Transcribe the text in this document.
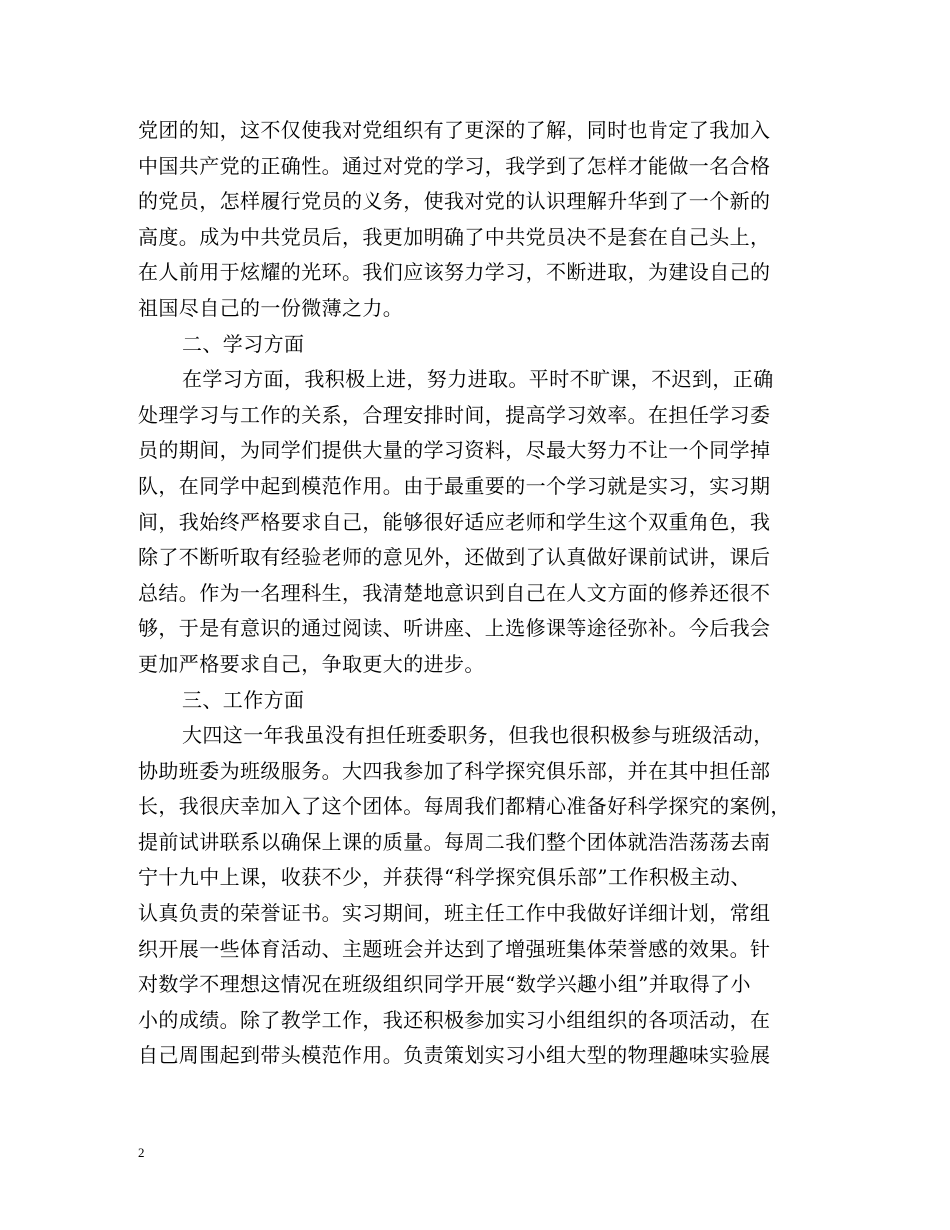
党团的知，这不仅使我对党组织有了更深的了解，同时也肯定了我加入
中国共产党的正确性。通过对党的学习，我学到了怎样才能做一名合格
的党员，怎样履行党员的义务，使我对党的认识理解升华到了一个新的
高度。成为中共党员后，我更加明确了中共党员决不是套在自己头上，
在人前用于炫耀的光环。我们应该努力学习，不断进取，为建设自己的
祖国尽自己的一份微薄之力。
二、学习方面
在学习方面，我积极上进，努力进取。平时不旷课，不迟到，正确
处理学习与工作的关系，合理安排时间，提高学习效率。在担任学习委
员的期间，为同学们提供大量的学习资料，尽最大努力不让一个同学掉
队，在同学中起到模范作用。由于最重要的一个学习就是实习，实习期
间，我始终严格要求自己，能够很好适应老师和学生这个双重角色，我
除了不断听取有经验老师的意见外，还做到了认真做好课前试讲，课后
总结。作为一名理科生，我清楚地意识到自己在人文方面的修养还很不
够，于是有意识的通过阅读、听讲座、上选修课等途径弥补。今后我会
更加严格要求自己，争取更大的进步。
三、工作方面
大四这一年我虽没有担任班委职务，但我也很积极参与班级活动，
协助班委为班级服务。大四我参加了科学探究俱乐部，并在其中担任部
长，我很庆幸加入了这个团体。每周我们都精心准备好科学探究的案例，
提前试讲联系以确保上课的质量。每周二我们整个团体就浩浩荡荡去南
宁十九中上课，收获不少，并获得“科学探究俱乐部”工作积极主动、
认真负责的荣誉证书。实习期间，班主任工作中我做好详细计划，常组
织开展一些体育活动、主题班会并达到了增强班集体荣誉感的效果。针
对数学不理想这情况在班级组织同学开展“数学兴趣小组”并取得了小
小的成绩。除了教学工作，我还积极参加实习小组组织的各项活动，在
自己周围起到带头模范作用。负责策划实习小组大型的物理趣味实验展
2
